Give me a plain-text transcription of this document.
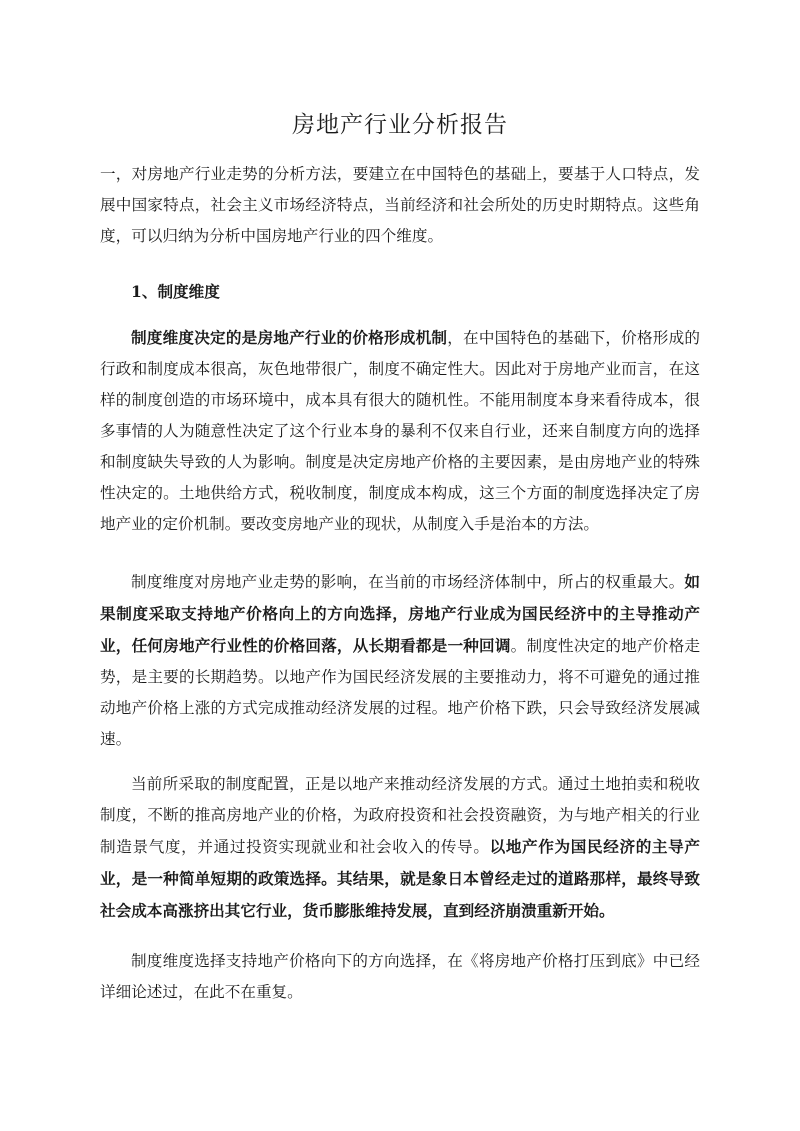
房地产行业分析报告

一，对房地产行业走势的分析方法，要建立在中国特色的基础上，要基于人口特点，发展中国家特点，社会主义市场经济特点，当前经济和社会所处的历史时期特点。这些角度，可以归纳为分析中国房地产行业的四个维度。

1、制度维度

制度维度决定的是房地产行业的价格形成机制，在中国特色的基础下，价格形成的行政和制度成本很高，灰色地带很广，制度不确定性大。因此对于房地产业而言，在这样的制度创造的市场环境中，成本具有很大的随机性。不能用制度本身来看待成本，很多事情的人为随意性决定了这个行业本身的暴利不仅来自行业，还来自制度方向的选择和制度缺失导致的人为影响。制度是决定房地产价格的主要因素，是由房地产业的特殊性决定的。土地供给方式，税收制度，制度成本构成，这三个方面的制度选择决定了房地产业的定价机制。要改变房地产业的现状，从制度入手是治本的方法。

制度维度对房地产业走势的影响，在当前的市场经济体制中，所占的权重最大。如果制度采取支持地产价格向上的方向选择，房地产行业成为国民经济中的主导推动产业，任何房地产行业性的价格回落，从长期看都是一种回调。制度性决定的地产价格走势，是主要的长期趋势。以地产作为国民经济发展的主要推动力，将不可避免的通过推动地产价格上涨的方式完成推动经济发展的过程。地产价格下跌，只会导致经济发展减速。

当前所采取的制度配置，正是以地产来推动经济发展的方式。通过土地拍卖和税收制度，不断的推高房地产业的价格，为政府投资和社会投资融资，为与地产相关的行业制造景气度，并通过投资实现就业和社会收入的传导。以地产作为国民经济的主导产业，是一种简单短期的政策选择。其结果，就是象日本曾经走过的道路那样，最终导致社会成本高涨挤出其它行业，货币膨胀维持发展，直到经济崩溃重新开始。

制度维度选择支持地产价格向下的方向选择，在《将房地产价格打压到底》中已经详细论述过，在此不在重复。
